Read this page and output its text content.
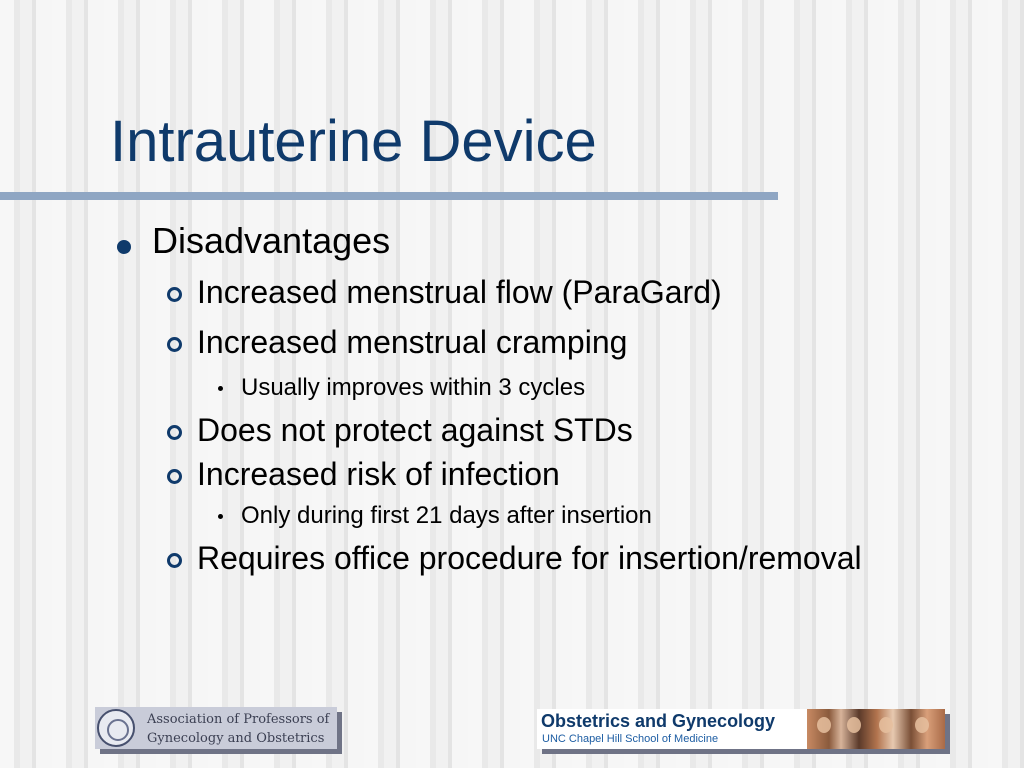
Intrauterine Device
Disadvantages
Increased menstrual flow (ParaGard)
Increased menstrual cramping
Usually improves within 3 cycles
Does not protect against STDs
Increased risk of infection
Only during first 21 days after insertion
Requires office procedure for insertion/removal
Association of Professors of
Gynecology and Obstetrics
Obstetrics and Gynecology
UNC Chapel Hill School of Medicine
